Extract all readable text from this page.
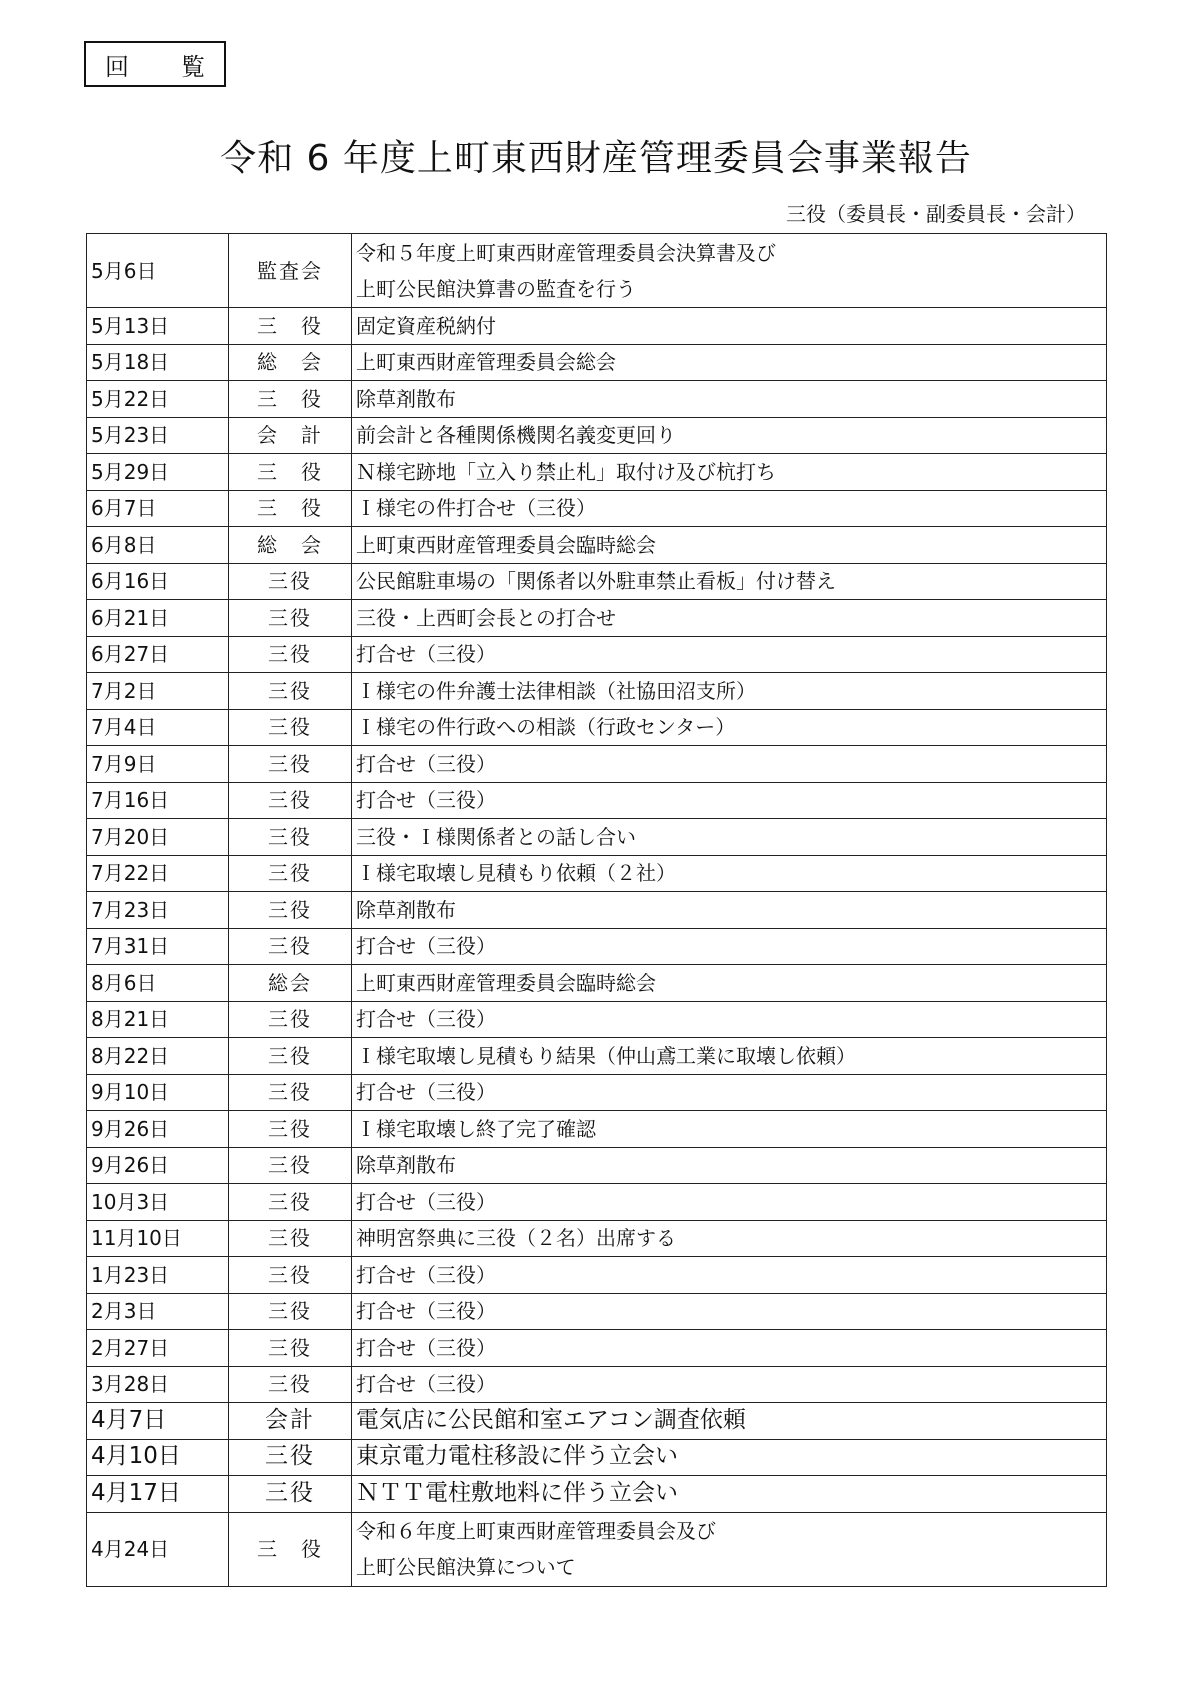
回　覧
令和 6 年度上町東西財産管理委員会事業報告
三役（委員長・副委員長・会計）
5月6日	監査会	令和５年度上町東西財産管理委員会決算書及び
上町公民館決算書の監査を行う

5月13日	三　役	固定資産税納付
5月18日	総　会	上町東西財産管理委員会総会
5月22日	三　役	除草剤散布
5月23日	会　計	前会計と各種関係機関名義変更回り
5月29日	三　役	Ｎ様宅跡地「立入り禁止札」取付け及び杭打ち
6月7日	三　役	Ｉ様宅の件打合せ（三役）
6月8日	総　会	上町東西財産管理委員会臨時総会
6月16日	三役	公民館駐車場の「関係者以外駐車禁止看板」付け替え
6月21日	三役	三役・上西町会長との打合せ
6月27日	三役	打合せ（三役）
7月2日	三役	Ｉ様宅の件弁護士法律相談（社協田沼支所）
7月4日	三役	Ｉ様宅の件行政への相談（行政センター）
7月9日	三役	打合せ（三役）
7月16日	三役	打合せ（三役）
7月20日	三役	三役・Ｉ様関係者との話し合い
7月22日	三役	Ｉ様宅取壊し見積もり依頼（２社）
7月23日	三役	除草剤散布
7月31日	三役	打合せ（三役）
8月6日	総会	上町東西財産管理委員会臨時総会
8月21日	三役	打合せ（三役）
8月22日	三役	Ｉ様宅取壊し見積もり結果（仲山鳶工業に取壊し依頼）
9月10日	三役	打合せ（三役）
9月26日	三役	Ｉ様宅取壊し終了完了確認
9月26日	三役	除草剤散布
10月3日	三役	打合せ（三役）
11月10日	三役	神明宮祭典に三役（２名）出席する
1月23日	三役	打合せ（三役）
2月3日	三役	打合せ（三役）
2月27日	三役	打合せ（三役）
3月28日	三役	打合せ（三役）
4月7日	会計	電気店に公民館和室エアコン調査依頼
4月10日	三役	東京電力電柱移設に伴う立会い
4月17日	三役	ＮＴＴ電柱敷地料に伴う立会い
4月24日	三　役	令和６年度上町東西財産管理委員会及び
上町公民館決算について
